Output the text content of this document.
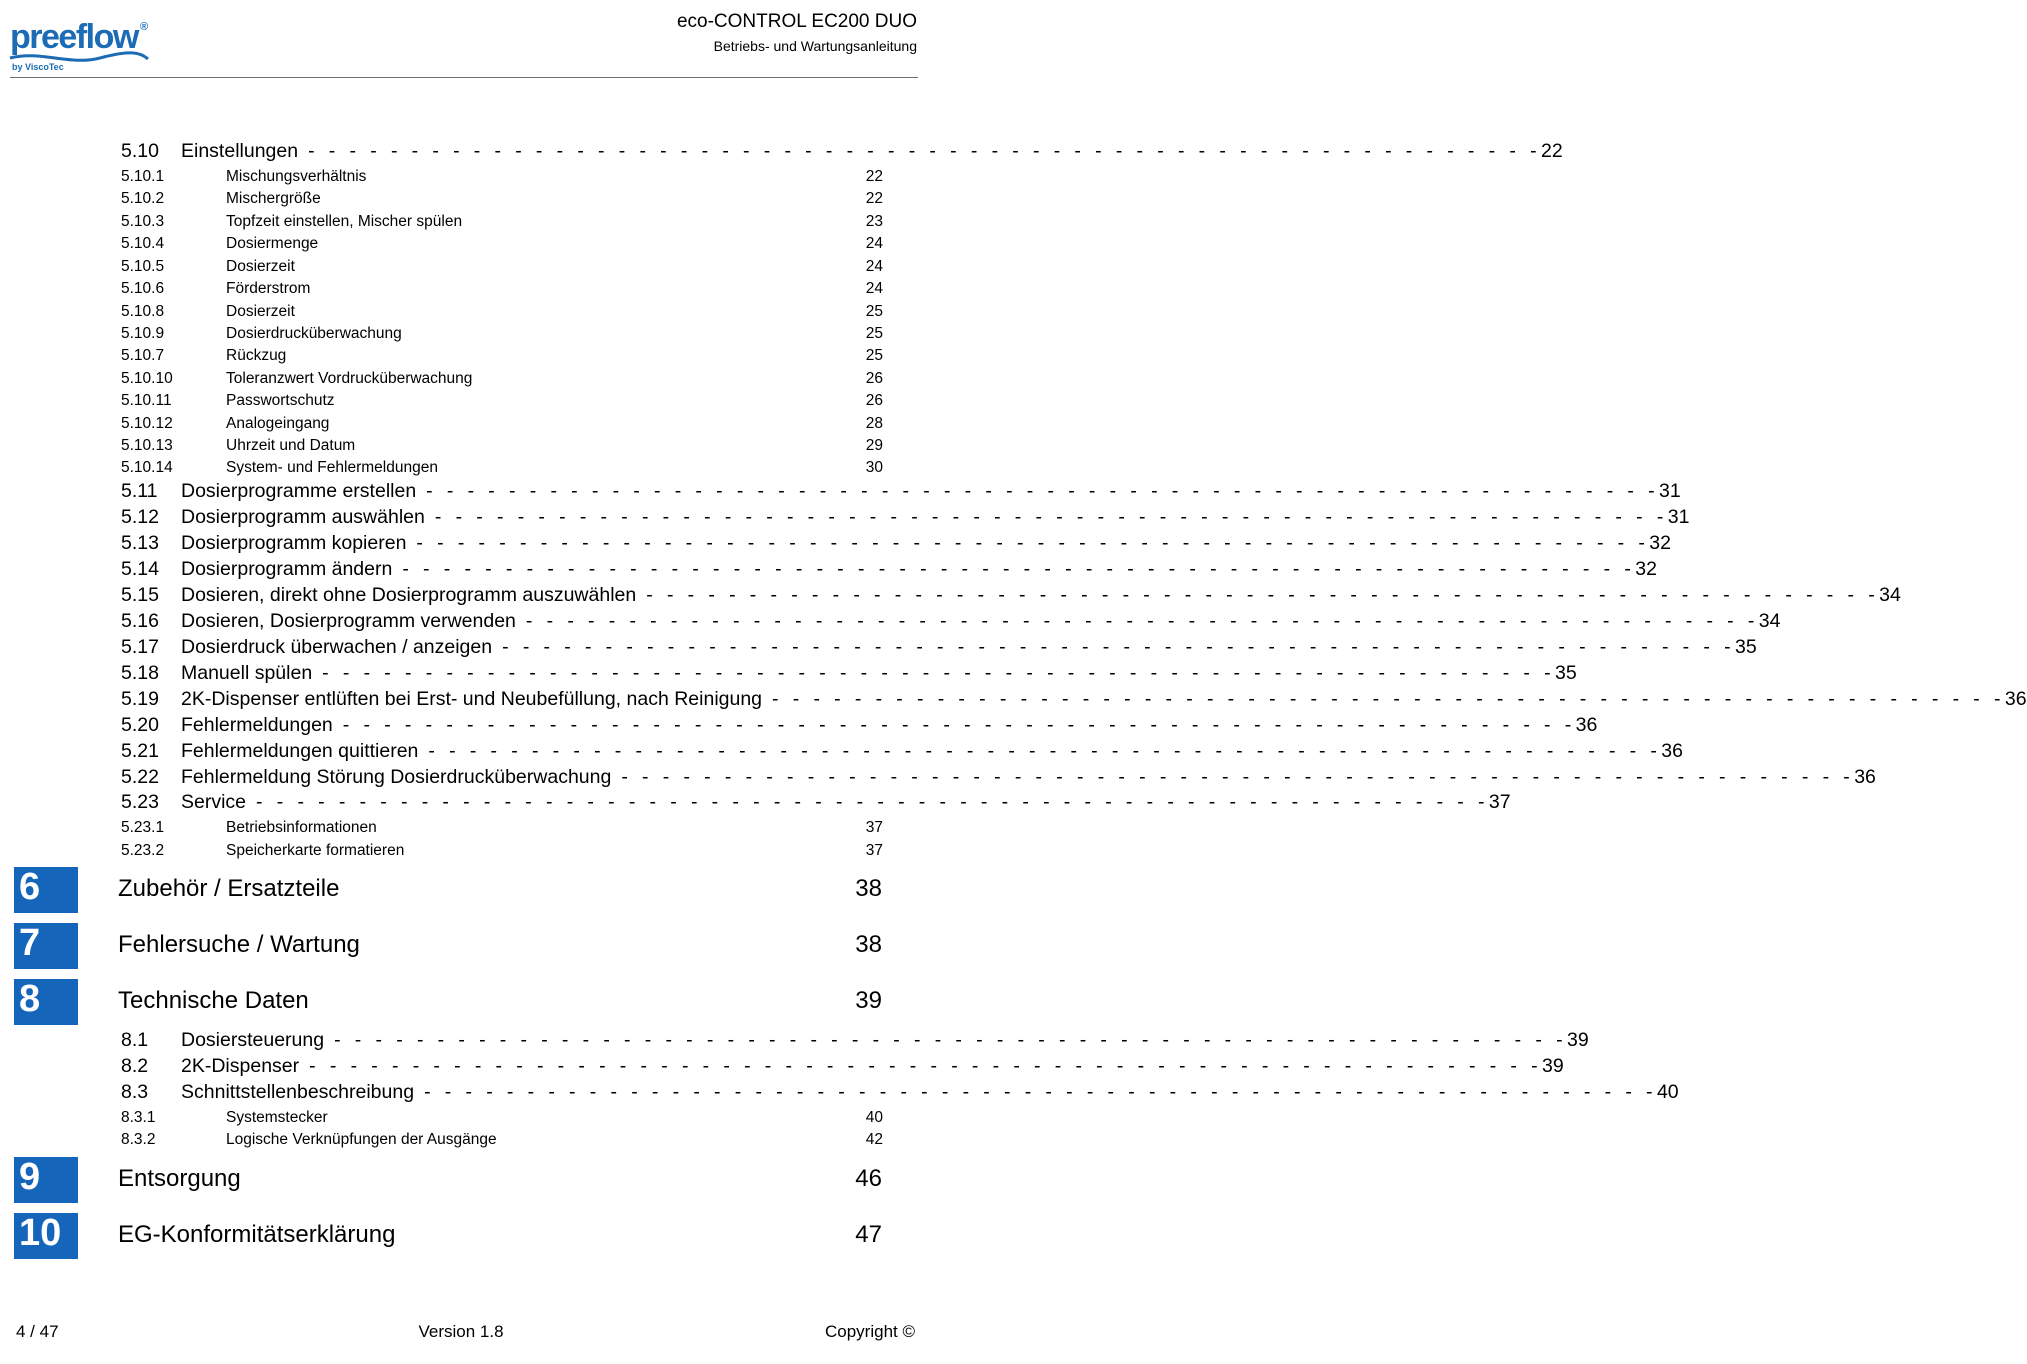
preeflow ®
by ViscoTec
eco-CONTROL EC200 DUO
Betriebs- und Wartungsanleitung
5.10	Einstellungen - - - - - - - - - - - - - - - - - - - - - - - - - - - - - - - - - - - - - - - - - - - - - - - - - - - - - - - - - - - - 22
5.10.1	Mischungsverhältnis	22
5.10.2	Mischergröße	22
5.10.3	Topfzeit einstellen, Mischer spülen	23
5.10.4	Dosiermenge	24
5.10.5	Dosierzeit	24
5.10.6	Förderstrom	24
5.10.8	Dosierzeit	25
5.10.9	Dosierdrucküberwachung	25
5.10.7	Rückzug	25
5.10.10	Toleranzwert Vordrucküberwachung	26
5.10.11	Passwortschutz	26
5.10.12	Analogeingang	28
5.10.13	Uhrzeit und Datum	29
5.10.14	System- und Fehlermeldungen	30
5.11	Dosierprogramme erstellen - - - - - - - - - - - - - - - - - - - - - - - - - - - - - - - - - - - - - - - - - - - - - - - - - - - - - - - - - - - - 31
5.12	Dosierprogramm auswählen - - - - - - - - - - - - - - - - - - - - - - - - - - - - - - - - - - - - - - - - - - - - - - - - - - - - - - - - - - - - 31
5.13	Dosierprogramm kopieren - - - - - - - - - - - - - - - - - - - - - - - - - - - - - - - - - - - - - - - - - - - - - - - - - - - - - - - - - - - - 32
5.14	Dosierprogramm ändern - - - - - - - - - - - - - - - - - - - - - - - - - - - - - - - - - - - - - - - - - - - - - - - - - - - - - - - - - - - - 32
5.15	Dosieren, direkt ohne Dosierprogramm auszuwählen - - - - - - - - - - - - - - - - - - - - - - - - - - - - - - - - - - - - - - - - - - - - - - - - - - - - - - - - - - - - 34
5.16	Dosieren, Dosierprogramm verwenden - - - - - - - - - - - - - - - - - - - - - - - - - - - - - - - - - - - - - - - - - - - - - - - - - - - - - - - - - - - - 34
5.17	Dosierdruck überwachen / anzeigen - - - - - - - - - - - - - - - - - - - - - - - - - - - - - - - - - - - - - - - - - - - - - - - - - - - - - - - - - - - - 35
5.18	Manuell spülen - - - - - - - - - - - - - - - - - - - - - - - - - - - - - - - - - - - - - - - - - - - - - - - - - - - - - - - - - - - - 35
5.19	2K-Dispenser entlüften bei Erst- und Neubefüllung, nach Reinigung - - - - - - - - - - - - - - - - - - - - - - - - - - - - - - - - - - - - - - - - - - - - - - - - - - - - - - - - - - - - 36
5.20	Fehlermeldungen - - - - - - - - - - - - - - - - - - - - - - - - - - - - - - - - - - - - - - - - - - - - - - - - - - - - - - - - - - - - 36
5.21	Fehlermeldungen quittieren - - - - - - - - - - - - - - - - - - - - - - - - - - - - - - - - - - - - - - - - - - - - - - - - - - - - - - - - - - - - 36
5.22	Fehlermeldung Störung Dosierdrucküberwachung - - - - - - - - - - - - - - - - - - - - - - - - - - - - - - - - - - - - - - - - - - - - - - - - - - - - - - - - - - - - 36
5.23	Service - - - - - - - - - - - - - - - - - - - - - - - - - - - - - - - - - - - - - - - - - - - - - - - - - - - - - - - - - - - - 37
5.23.1	Betriebsinformationen	37
5.23.2	Speicherkarte formatieren	37
6	Zubehör / Ersatzteile	38
7	Fehlersuche / Wartung	38
8	Technische Daten	39
8.1	Dosiersteuerung - - - - - - - - - - - - - - - - - - - - - - - - - - - - - - - - - - - - - - - - - - - - - - - - - - - - - - - - - - - - 39
8.2	2K-Dispenser - - - - - - - - - - - - - - - - - - - - - - - - - - - - - - - - - - - - - - - - - - - - - - - - - - - - - - - - - - - - 39
8.3	Schnittstellenbeschreibung - - - - - - - - - - - - - - - - - - - - - - - - - - - - - - - - - - - - - - - - - - - - - - - - - - - - - - - - - - - - 40
8.3.1	Systemstecker	40
8.3.2	Logische Verknüpfungen der Ausgänge	42
9	Entsorgung	46
10	EG-Konformitätserklärung	47
4 / 47	Version 1.8	Copyright ©
